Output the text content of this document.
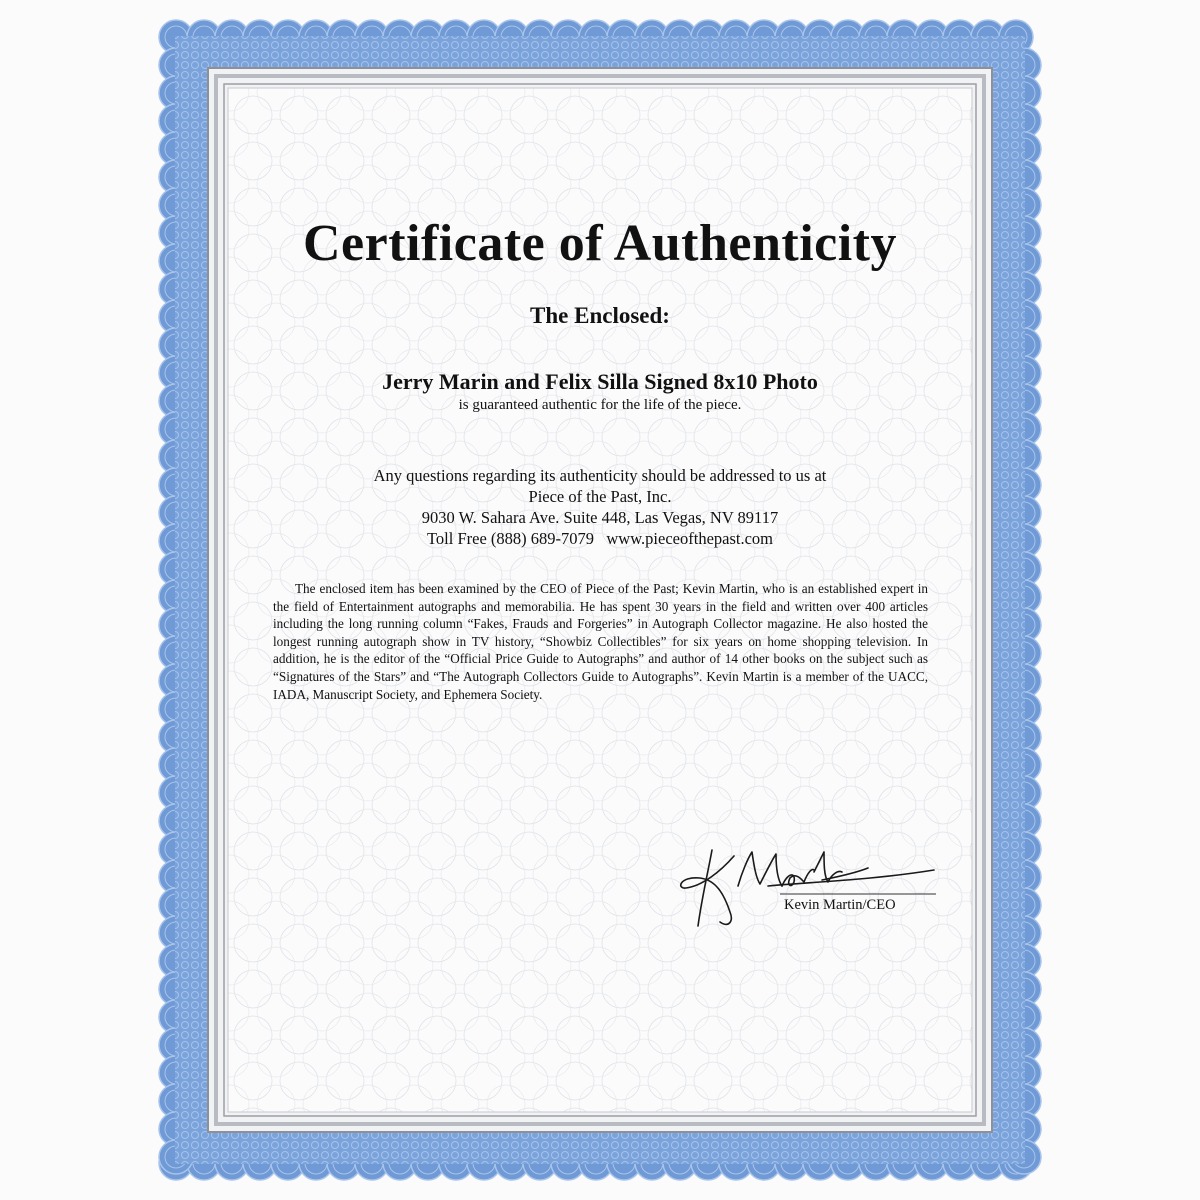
Certificate of Authenticity
The Enclosed:
Jerry Marin and Felix Silla Signed 8x10 Photo
is guaranteed authentic for the life of the piece.
Any questions regarding its authenticity should be addressed to us at
Piece of the Past, Inc.
9030 W. Sahara Ave. Suite 448, Las Vegas, NV 89117
Toll Free (888) 689-7079   www.pieceofthepast.com
The enclosed item has been examined by the CEO of Piece of the Past; Kevin Martin, who is an established expert in the field of Entertainment autographs and memorabilia. He has spent 30 years in the field and written over 400 articles including the long running column “Fakes, Frauds and Forgeries” in Autograph Collector magazine. He also hosted the longest running autograph show in TV history, “Showbiz Collectibles” for six years on home shopping television. In addition, he is the editor of the “Official Price Guide to Autographs” and author of 14 other books on the subject such as “Signatures of the Stars” and “The Autograph Collectors Guide to Autographs”. Kevin Martin is a member of the UACC, IADA, Manuscript Society, and Ephemera Society.
Kevin Martin/CEO
